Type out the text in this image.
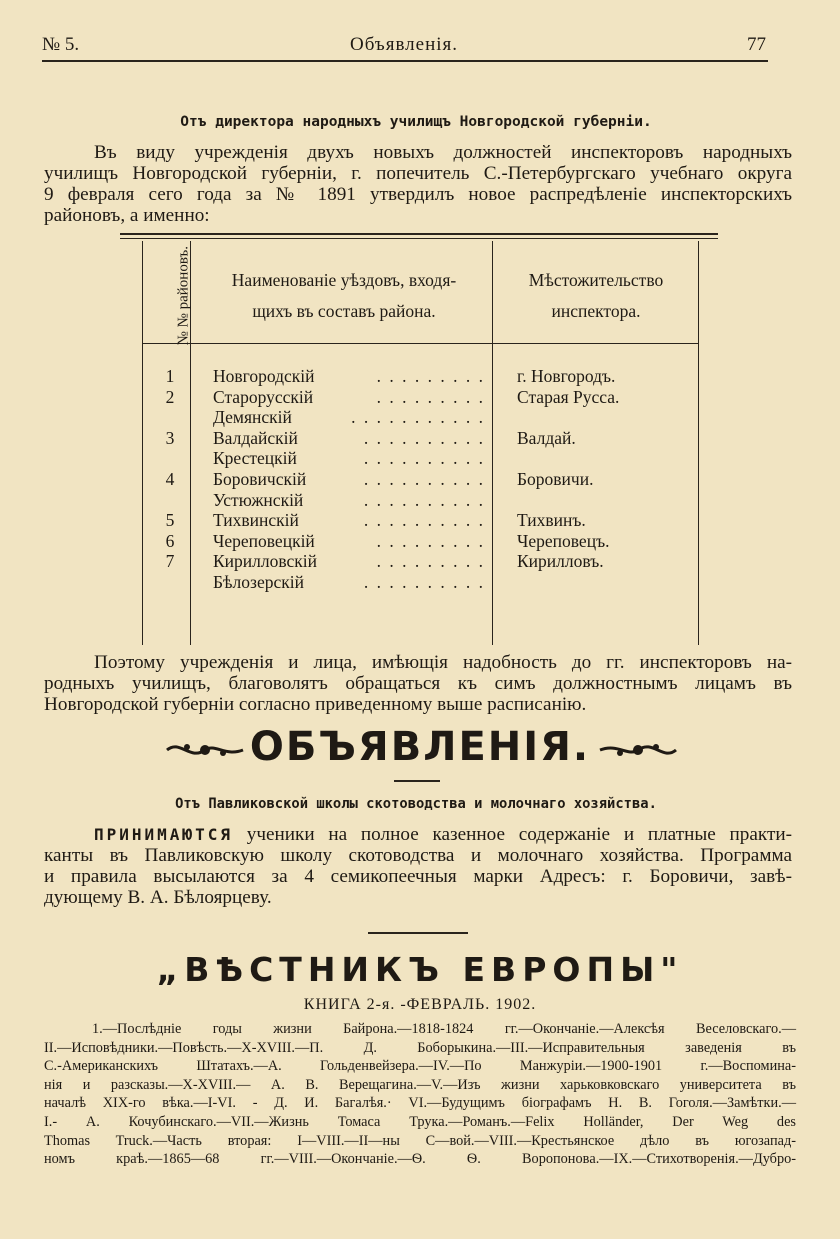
№ 5.	Объявленія.	77
Отъ директора народныхъ училищъ Новгородской губерніи.
Въ виду учрежденія двухъ новыхъ должностей инспекторовъ народныхъ
училищъ Новгородской губерніи, г. попечитель С.-Петербургскаго учебнаго округа
9 февраля сего года за № 1891 утвердилъ новое распредѣленіе инспекторскихъ
районовъ, а именно:
№ № районовъ.	Наименованіе уѣздовъ, входя-
щихъ въ составъ района.
Мѣстожительство
инспектора.
1	Новгородскій	. . . . . . . . . г. Новгородъ.
2	Старорусскій	. . . . . . . . . Старая Русса.
Демянскій	. . . . . . . . . . .
3	Валдайскій	. . . . . . . . . . Валдай.
Крестецкій	. . . . . . . . . .
4	Боровичскій	. . . . . . . . . . Боровичи.
Устюжнскій	. . . . . . . . . .
5	Тихвинскій	. . . . . . . . . . Тихвинъ.
6	Череповецкій	. . . . . . . . . Череповецъ.
7	Кирилловскій	. . . . . . . . . Кирилловъ.
Бѣлозерскій	. . . . . . . . . .
Поэтому учрежденія и лица, имѣющія надобность до гг. инспекторовъ на-
родныхъ училищъ, благоволятъ обращаться къ симъ должностнымъ лицамъ въ
Новгородской губерніи согласно приведенному выше расписанію.
ОБЪЯВЛЕНІЯ.
Отъ Павликовской школы скотоводства и молочнаго хозяйства.
ПРИНИМАЮТСЯ ученики на полное казенное содержаніе и платные практи-
канты въ Павликовскую школу скотоводства и молочнаго хозяйства. Программа
и правила высылаются за 4 семикопеечныя марки Адресъ: г. Боровичи, завѣ-
дующему В. А. Бѣлоярцеву.
„ВѢСТНИКЪ ЕВРОПЫ"
КНИГА 2-я. -ФЕВРАЛЬ. 1902.
1.—Послѣдніе годы жизни Байрона.—1818-1824 гг.—Окончаніе.—Алексѣя Веселовскаго.—
II.—Исповѣдники.—Повѣсть.—X-XVIII.—П. Д. Боборыкина.—III.—Исправительныя заведенія въ
С.-Американскихъ Штатахъ.—А. Гольденвейзера.—IV.—По Манжуріи.—1900-1901 г.—Воспомина-
нія и разсказы.—X-XVIII.— А. В. Верещагина.—V.—Изъ жизни харьковковскаго университета въ
началѣ XIX-го вѣка.—I-VI. - Д. И. Багалѣя.· VI.—Будущимъ біографамъ Н. В. Гоголя.—Замѣтки.—
I.- А. Кочубинскаго.—VII.—Жизнь Томаса Трука.—Романъ.—Felix Holländer, Der Weg des
Thomas Truck.—Часть вторая: I—VIII.—II—ны С—вой.—VIII.—Крестьянское дѣло въ югозапад-
номъ краѣ.—1865—68 гг.—VIII.—Окончаніе.—Ѳ. Ѳ. Воропоновa.—IX.—Стихотворенія.—Дубро-
